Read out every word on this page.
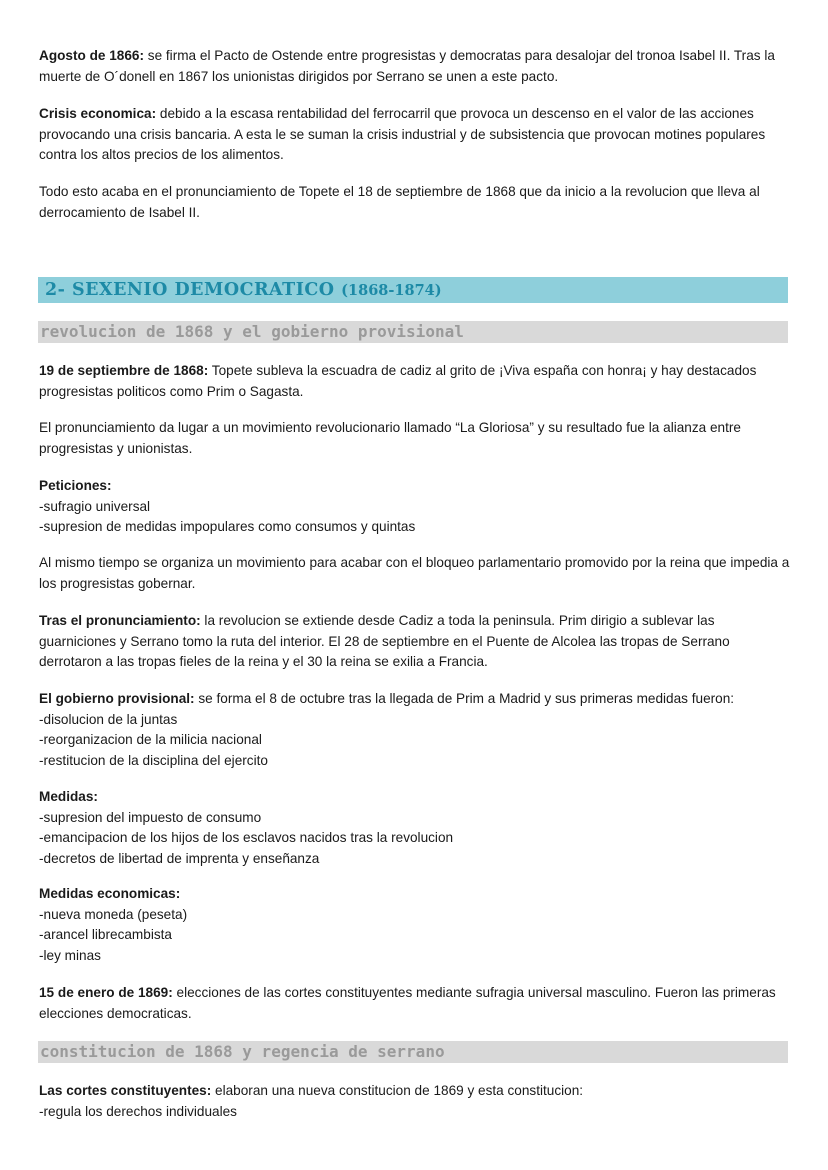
Agosto de 1866: se firma el Pacto de Ostende entre progresistas y democratas para desalojar del tronoa Isabel II. Tras la muerte de O´donell en 1867 los unionistas dirigidos por Serrano se unen a este pacto.

Crisis economica: debido a la escasa rentabilidad del ferrocarril que provoca un descenso en el valor de las acciones provocando una crisis bancaria. A esta le se suman la crisis industrial y de subsistencia que provocan motines populares contra los altos precios de los alimentos.

Todo esto acaba en el pronunciamiento de Topete el 18 de septiembre de 1868 que da inicio a la revolucion que lleva al derrocamiento de Isabel II.

2- SEXENIO DEMOCRATICO (1868-1874)
revolucion de 1868 y el gobierno provisional

19 de septiembre de 1868: Topete subleva la escuadra de cadiz al grito de ¡Viva españa con honra¡ y hay destacados progresistas politicos como Prim o Sagasta.

El pronunciamiento da lugar a un movimiento revolucionario llamado “La Gloriosa” y su resultado fue la alianza entre progresistas y unionistas.

Peticiones:
-sufragio universal
-supresion de medidas impopulares como consumos y quintas

Al mismo tiempo se organiza un movimiento para acabar con el bloqueo parlamentario promovido por la reina que impedia a los progresistas gobernar.

Tras el pronunciamiento: la revolucion se extiende desde Cadiz a toda la peninsula. Prim dirigio a sublevar las guarniciones y Serrano tomo la ruta del interior. El 28 de septiembre en el Puente de Alcolea las tropas de Serrano derrotaron a las tropas fieles de la reina y el 30 la reina se exilia a Francia.

El gobierno provisional: se forma el 8 de octubre tras la llegada de Prim a Madrid y sus primeras medidas fueron:
-disolucion de la juntas
-reorganizacion de la milicia nacional
-restitucion de la disciplina del ejercito

Medidas:
-supresion del impuesto de consumo
-emancipacion de los hijos de los esclavos nacidos tras la revolucion
-decretos de libertad de imprenta y enseñanza

Medidas economicas:
-nueva moneda (peseta)
-arancel librecambista
-ley minas

15 de enero de 1869: elecciones de las cortes constituyentes mediante sufragia universal masculino. Fueron las primeras elecciones democraticas.

constitucion de 1868 y regencia de serrano

Las cortes constituyentes: elaboran una nueva constitucion de 1869 y esta constitucion:
-regula los derechos individuales
